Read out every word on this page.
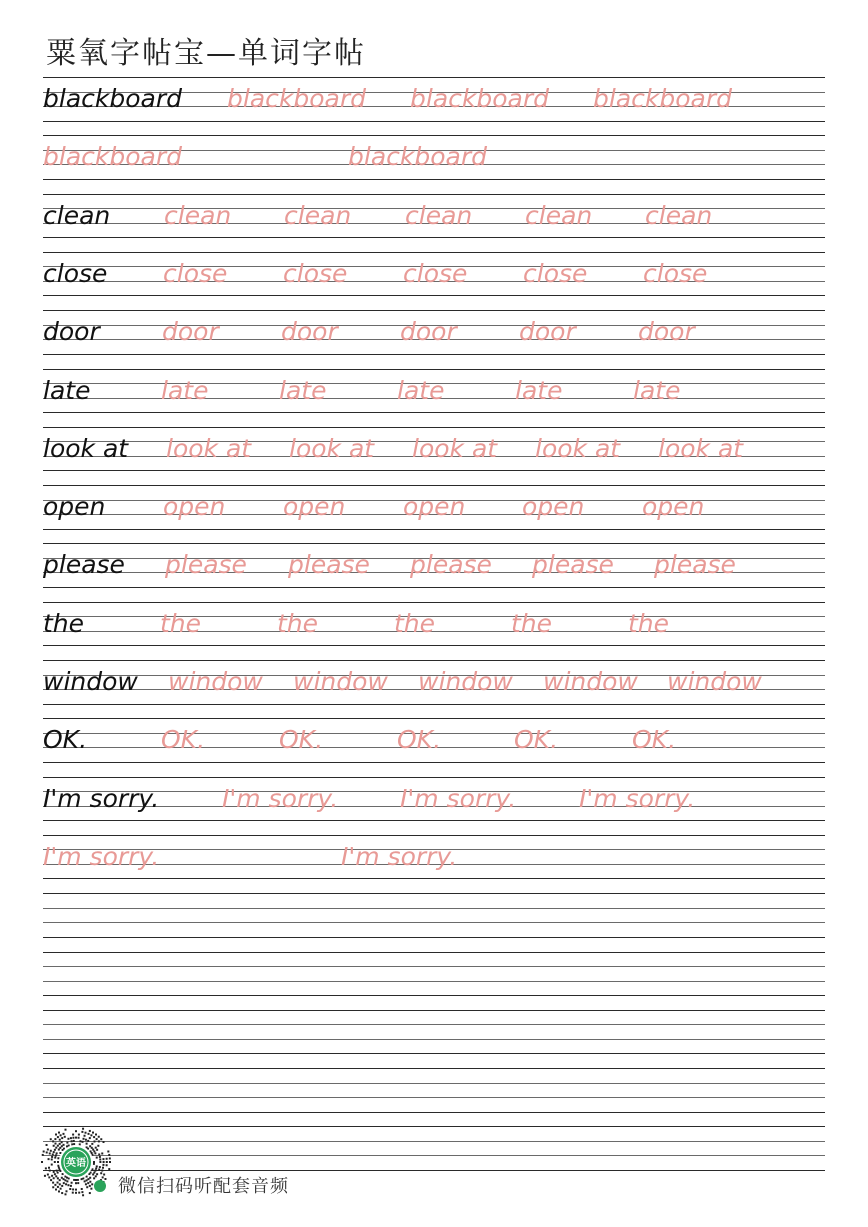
粟氧字帖宝—单词字帖
blackboard blackboard blackboard blackboard
blackboard	blackboard
clean clean clean clean clean clean
close close close close close close
door door door door door door
late	late	late	late	late	late
look at look at look at look at look at look at
open open open open open open
please please please please please please
the	the	the	the	the	the
window window window window window window
OK.	OK.	OK.	OK.	OK.	OK.
I'm sorry.	I'm sorry. I'm sorry.	I'm sorry.
I'm sorry.	I'm sorry.
英语
微信扫码听配套音频
